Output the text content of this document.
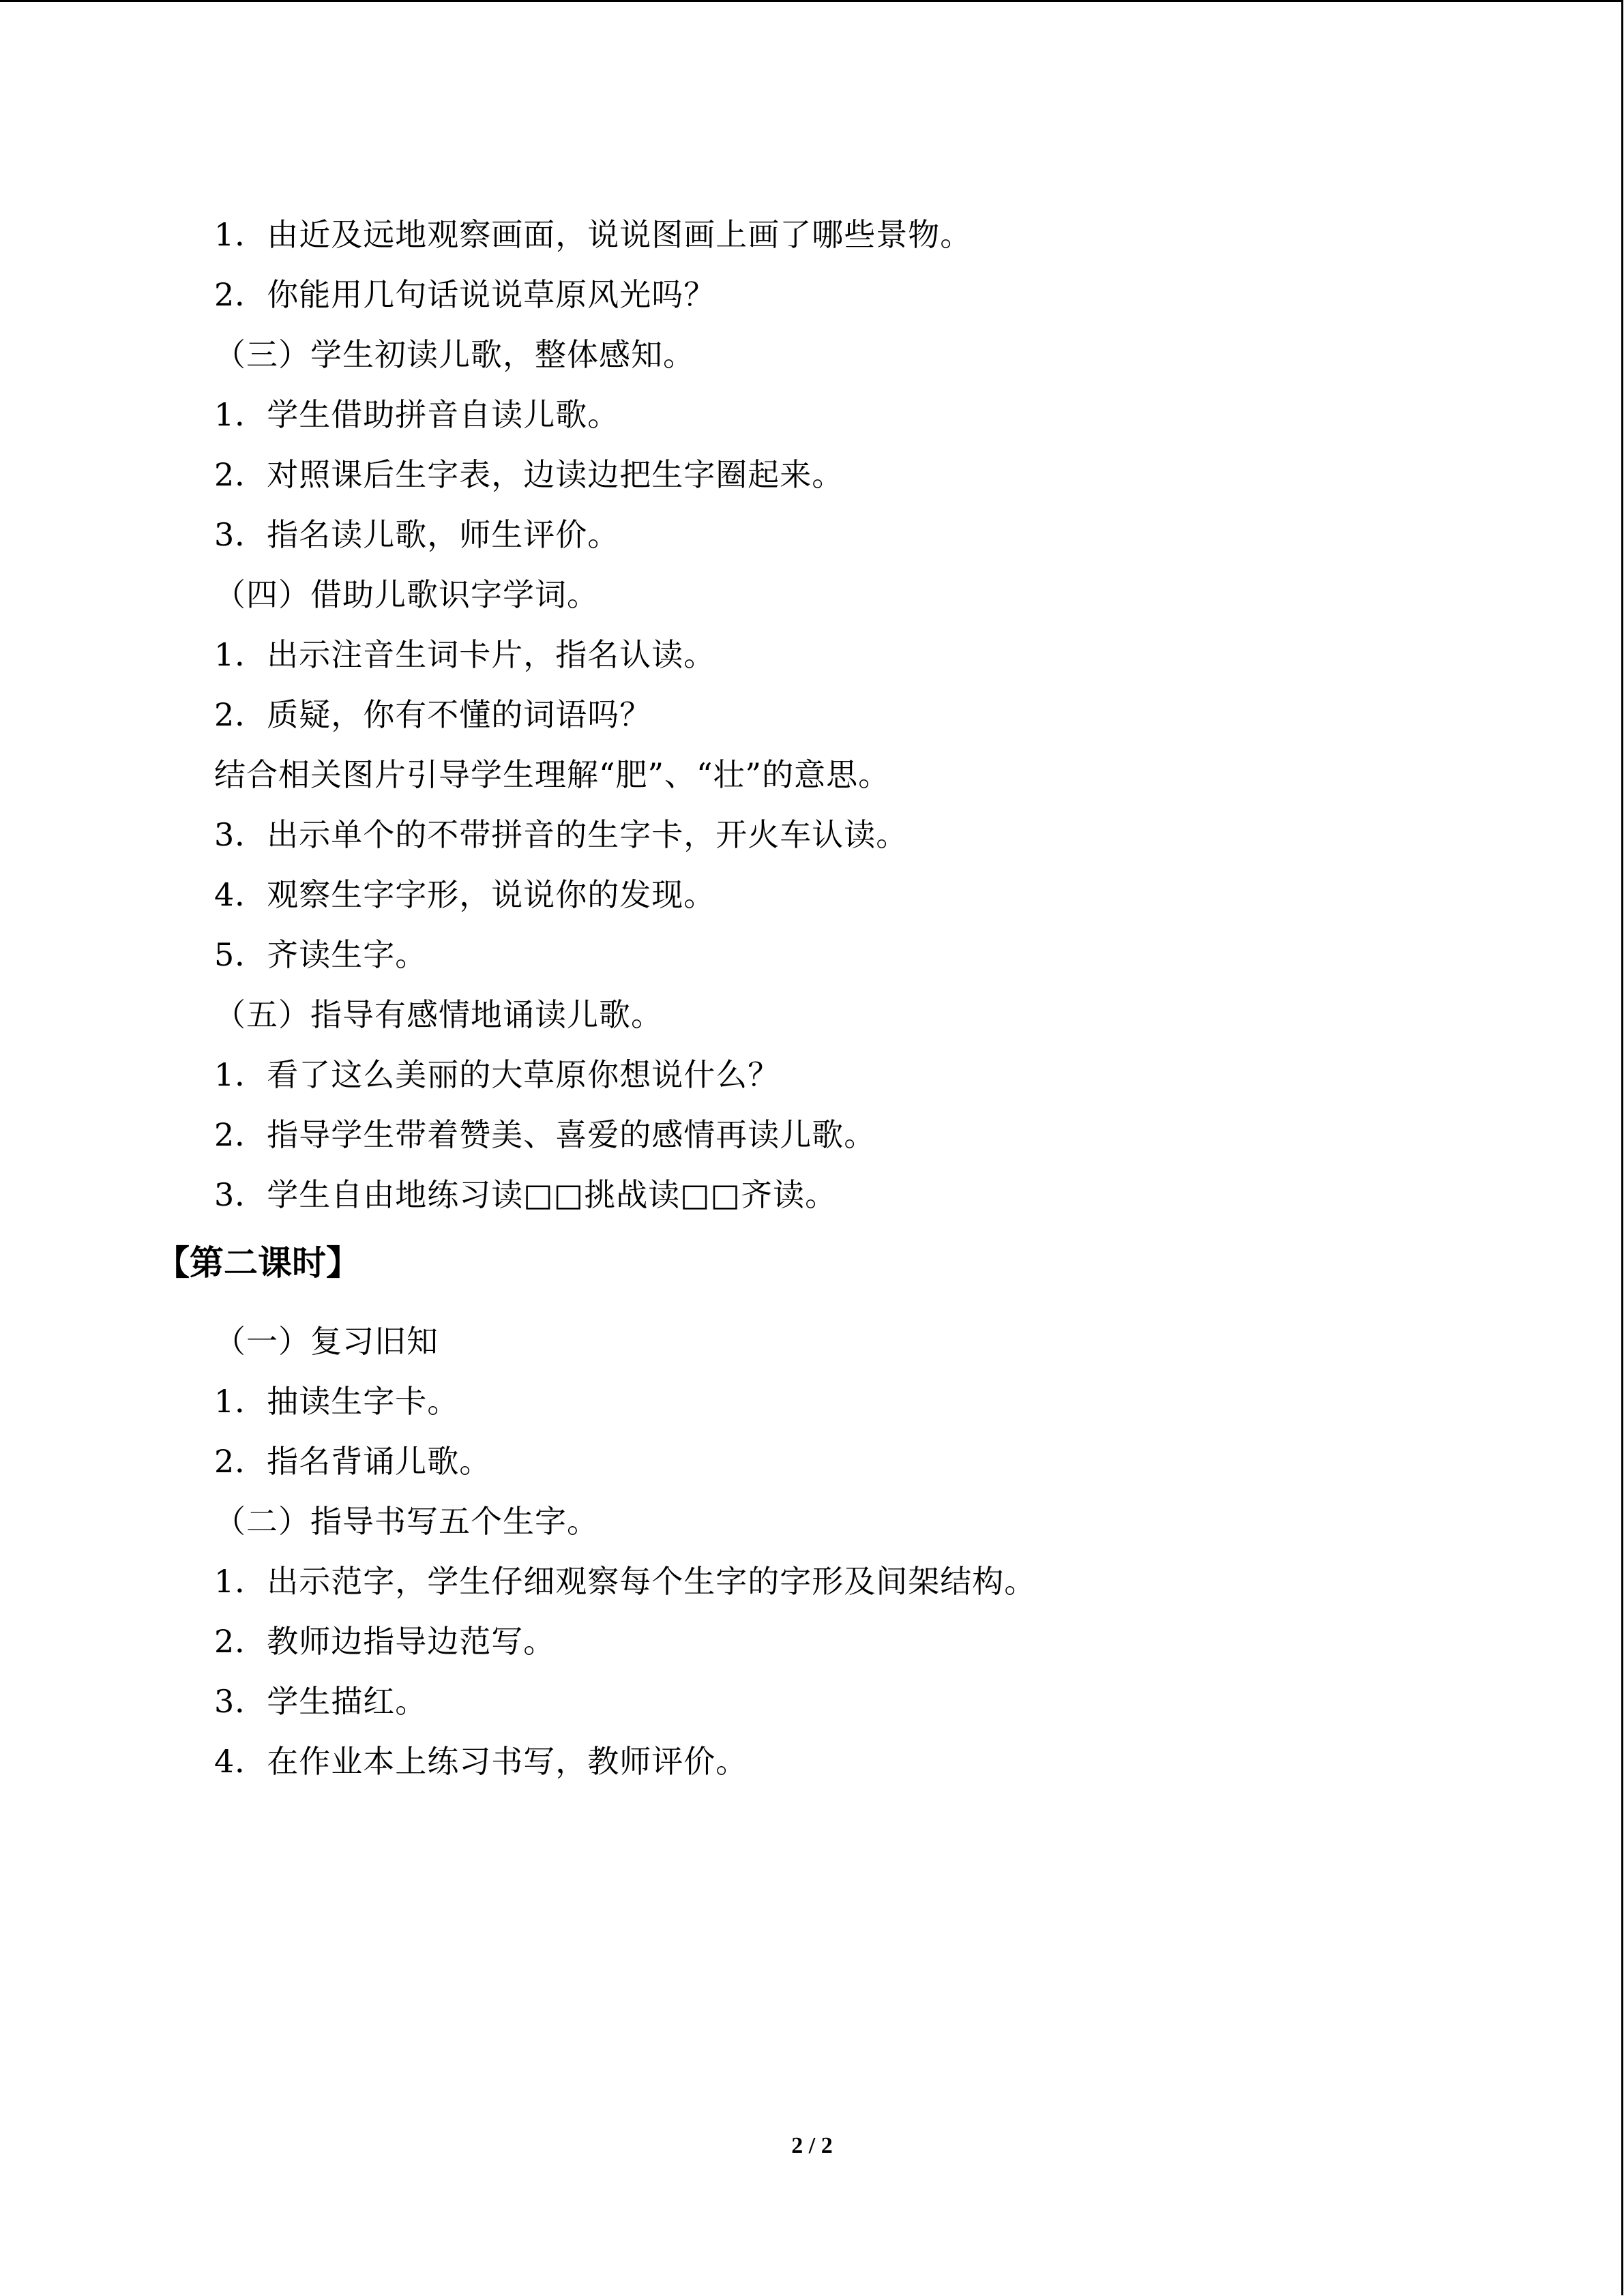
1．由近及远地观察画面，说说图画上画了哪些景物。
2．你能用几句话说说草原风光吗？
（三）学生初读儿歌，整体感知。
1．学生借助拼音自读儿歌。
2．对照课后生字表，边读边把生字圈起来。
3．指名读儿歌，师生评价。
（四）借助儿歌识字学词。
1．出示注音生词卡片，指名认读。
2．质疑，你有不懂的词语吗？
结合相关图片引导学生理解“肥”、“壮”的意思。
3．出示单个的不带拼音的生字卡，开火车认读。
4．观察生字字形，说说你的发现。
5．齐读生字。
（五）指导有感情地诵读儿歌。
1．看了这么美丽的大草原你想说什么？
2．指导学生带着赞美、喜爱的感情再读儿歌。
3．学生自由地练习读□□挑战读□□齐读。
【第二课时】
（一）复习旧知
1．抽读生字卡。
2．指名背诵儿歌。
（二）指导书写五个生字。
1．出示范字，学生仔细观察每个生字的字形及间架结构。
2．教师边指导边范写。
3．学生描红。
4．在作业本上练习书写，教师评价。
2 / 2
